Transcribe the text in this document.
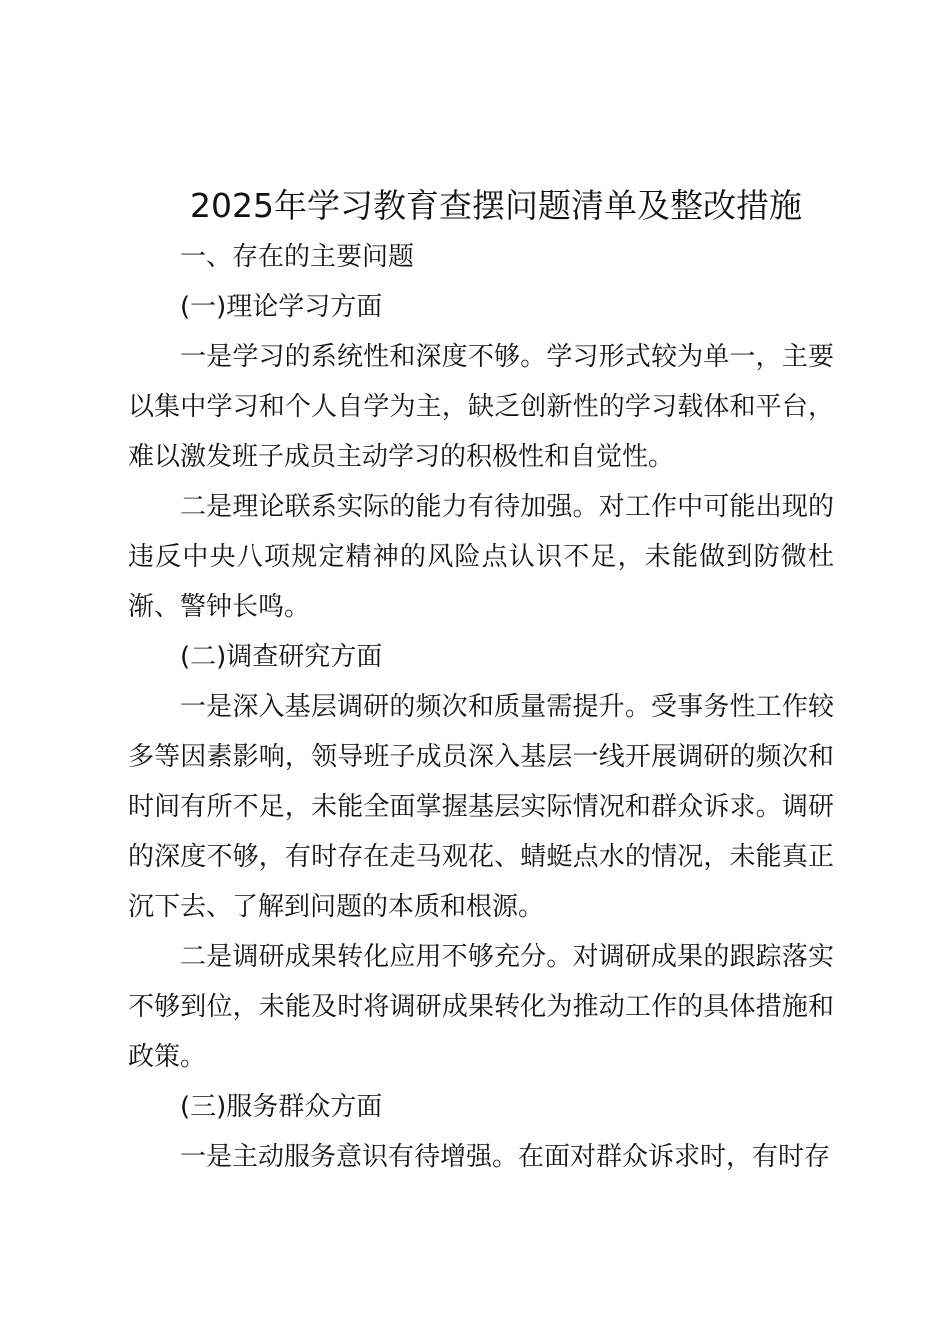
2025年学习教育查摆问题清单及整改措施
一、存在的主要问题
(一)理论学习方面

一是学习的系统性和深度不够。学习形式较为单一，主要以集中学习和个人自学为主，缺乏创新性的学习载体和平台，难以激发班子成员主动学习的积极性和自觉性。

二是理论联系实际的能力有待加强。对工作中可能出现的违反中央八项规定精神的风险点认识不足，未能做到防微杜渐、警钟长鸣。

(二)调查研究方面

一是深入基层调研的频次和质量需提升。受事务性工作较多等因素影响，领导班子成员深入基层一线开展调研的频次和时间有所不足，未能全面掌握基层实际情况和群众诉求。调研的深度不够，有时存在走马观花、蜻蜓点水的情况，未能真正沉下去、了解到问题的本质和根源。

二是调研成果转化应用不够充分。对调研成果的跟踪落实不够到位，未能及时将调研成果转化为推动工作的具体措施和政策。

(三)服务群众方面

一是主动服务意识有待增强。在面对群众诉求时，有时存
